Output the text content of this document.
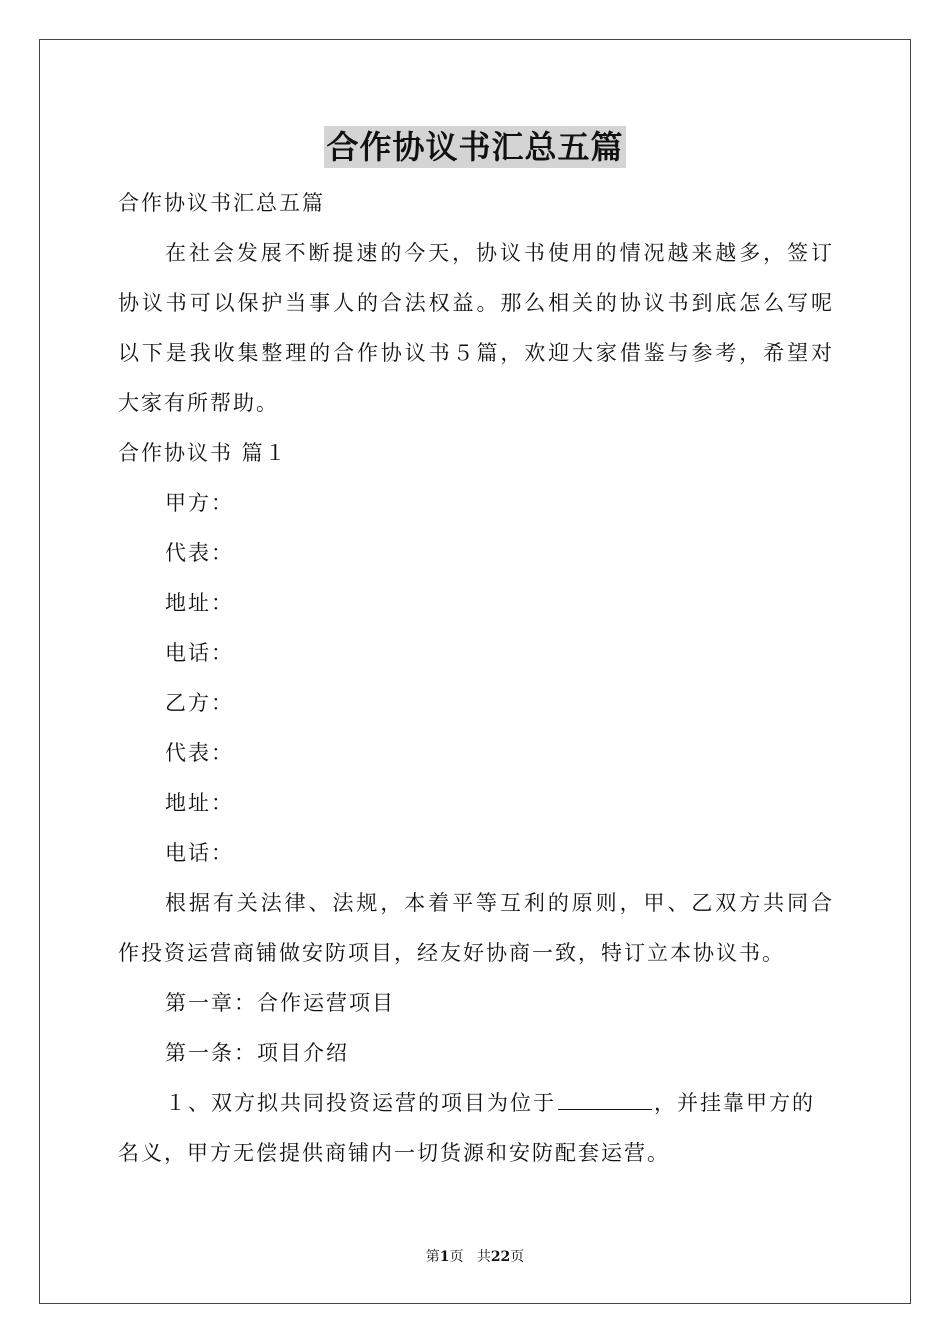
合作协议书汇总五篇
合作协议书汇总五篇
在社会发展不断提速的今天，协议书使用的情况越来越多，签订
协议书可以保护当事人的合法权益。那么相关的协议书到底怎么写呢
以下是我收集整理的合作协议书５篇，欢迎大家借鉴与参考，希望对
大家有所帮助。
合作协议书 篇１
甲方：
代表：
地址：
电话：
乙方：
代表：
地址：
电话：
根据有关法律、法规，本着平等互利的原则，甲、乙双方共同合
作投资运营商铺做安防项目，经友好协商一致，特订立本协议书。
第一章：合作运营项目
第一条：项目介绍
１、双方拟共同投资运营的项目为位于	，并挂靠甲方的
名义，甲方无偿提供商铺内一切货源和安防配套运营。
第1页 共22页
